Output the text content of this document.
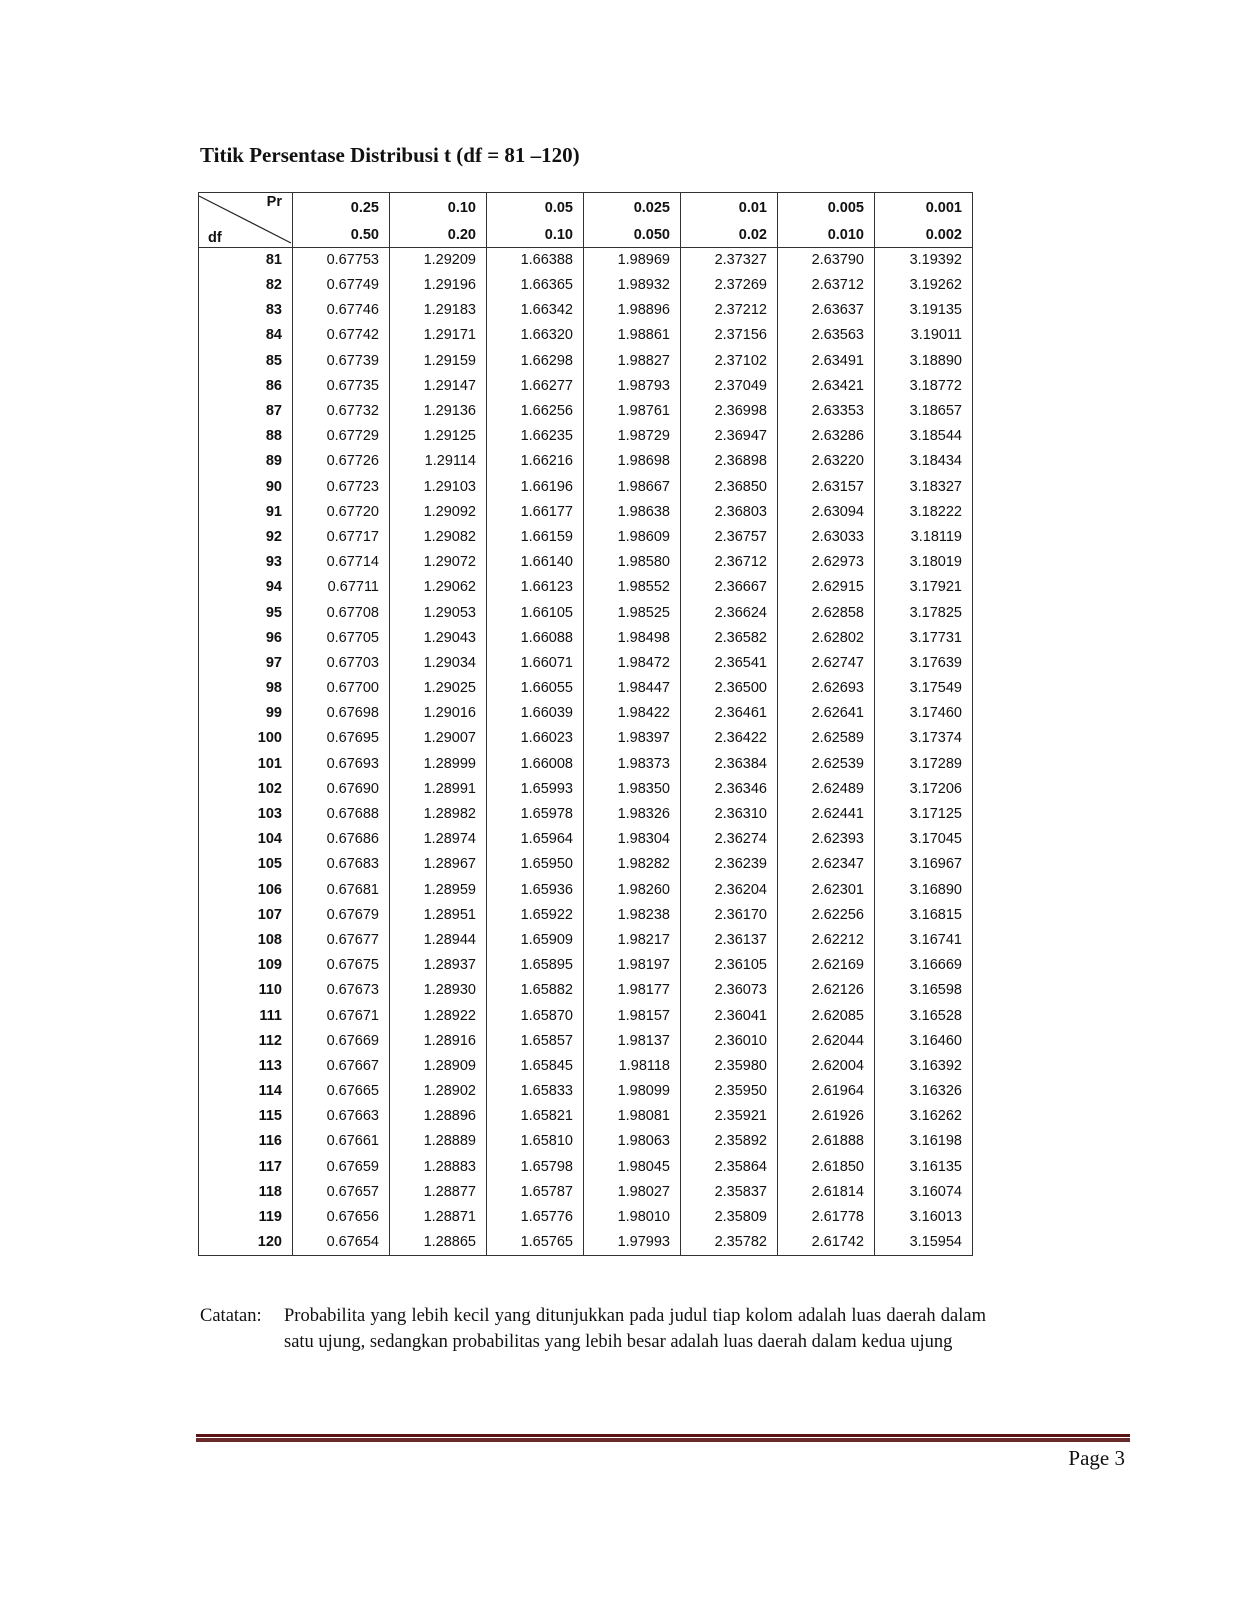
Titik Persentase Distribusi t (df = 81 –120)
Pr
df	0.25	0.10	0.05	0.025	0.01	0.005	0.001
	0.50	0.20	0.10	0.050	0.02	0.010	0.002
81	0.67753	1.29209	1.66388	1.98969	2.37327	2.63790	3.19392
82	0.67749	1.29196	1.66365	1.98932	2.37269	2.63712	3.19262
83	0.67746	1.29183	1.66342	1.98896	2.37212	2.63637	3.19135
84	0.67742	1.29171	1.66320	1.98861	2.37156	2.63563	3.19011
85	0.67739	1.29159	1.66298	1.98827	2.37102	2.63491	3.18890
86	0.67735	1.29147	1.66277	1.98793	2.37049	2.63421	3.18772
87	0.67732	1.29136	1.66256	1.98761	2.36998	2.63353	3.18657
88	0.67729	1.29125	1.66235	1.98729	2.36947	2.63286	3.18544
89	0.67726	1.29114	1.66216	1.98698	2.36898	2.63220	3.18434
90	0.67723	1.29103	1.66196	1.98667	2.36850	2.63157	3.18327
91	0.67720	1.29092	1.66177	1.98638	2.36803	2.63094	3.18222
92	0.67717	1.29082	1.66159	1.98609	2.36757	2.63033	3.18119
93	0.67714	1.29072	1.66140	1.98580	2.36712	2.62973	3.18019
94	0.67711	1.29062	1.66123	1.98552	2.36667	2.62915	3.17921
95	0.67708	1.29053	1.66105	1.98525	2.36624	2.62858	3.17825
96	0.67705	1.29043	1.66088	1.98498	2.36582	2.62802	3.17731
97	0.67703	1.29034	1.66071	1.98472	2.36541	2.62747	3.17639
98	0.67700	1.29025	1.66055	1.98447	2.36500	2.62693	3.17549
99	0.67698	1.29016	1.66039	1.98422	2.36461	2.62641	3.17460
100	0.67695	1.29007	1.66023	1.98397	2.36422	2.62589	3.17374
101	0.67693	1.28999	1.66008	1.98373	2.36384	2.62539	3.17289
102	0.67690	1.28991	1.65993	1.98350	2.36346	2.62489	3.17206
103	0.67688	1.28982	1.65978	1.98326	2.36310	2.62441	3.17125
104	0.67686	1.28974	1.65964	1.98304	2.36274	2.62393	3.17045
105	0.67683	1.28967	1.65950	1.98282	2.36239	2.62347	3.16967
106	0.67681	1.28959	1.65936	1.98260	2.36204	2.62301	3.16890
107	0.67679	1.28951	1.65922	1.98238	2.36170	2.62256	3.16815
108	0.67677	1.28944	1.65909	1.98217	2.36137	2.62212	3.16741
109	0.67675	1.28937	1.65895	1.98197	2.36105	2.62169	3.16669
110	0.67673	1.28930	1.65882	1.98177	2.36073	2.62126	3.16598
111	0.67671	1.28922	1.65870	1.98157	2.36041	2.62085	3.16528
112	0.67669	1.28916	1.65857	1.98137	2.36010	2.62044	3.16460
113	0.67667	1.28909	1.65845	1.98118	2.35980	2.62004	3.16392
114	0.67665	1.28902	1.65833	1.98099	2.35950	2.61964	3.16326
115	0.67663	1.28896	1.65821	1.98081	2.35921	2.61926	3.16262
116	0.67661	1.28889	1.65810	1.98063	2.35892	2.61888	3.16198
117	0.67659	1.28883	1.65798	1.98045	2.35864	2.61850	3.16135
118	0.67657	1.28877	1.65787	1.98027	2.35837	2.61814	3.16074
119	0.67656	1.28871	1.65776	1.98010	2.35809	2.61778	3.16013
120	0.67654	1.28865	1.65765	1.97993	2.35782	2.61742	3.15954
Catatan: Probabilita yang lebih kecil yang ditunjukkan pada judul tiap kolom adalah luas daerah dalam satu ujung, sedangkan probabilitas yang lebih besar adalah luas daerah dalam kedua ujung
Page 3
